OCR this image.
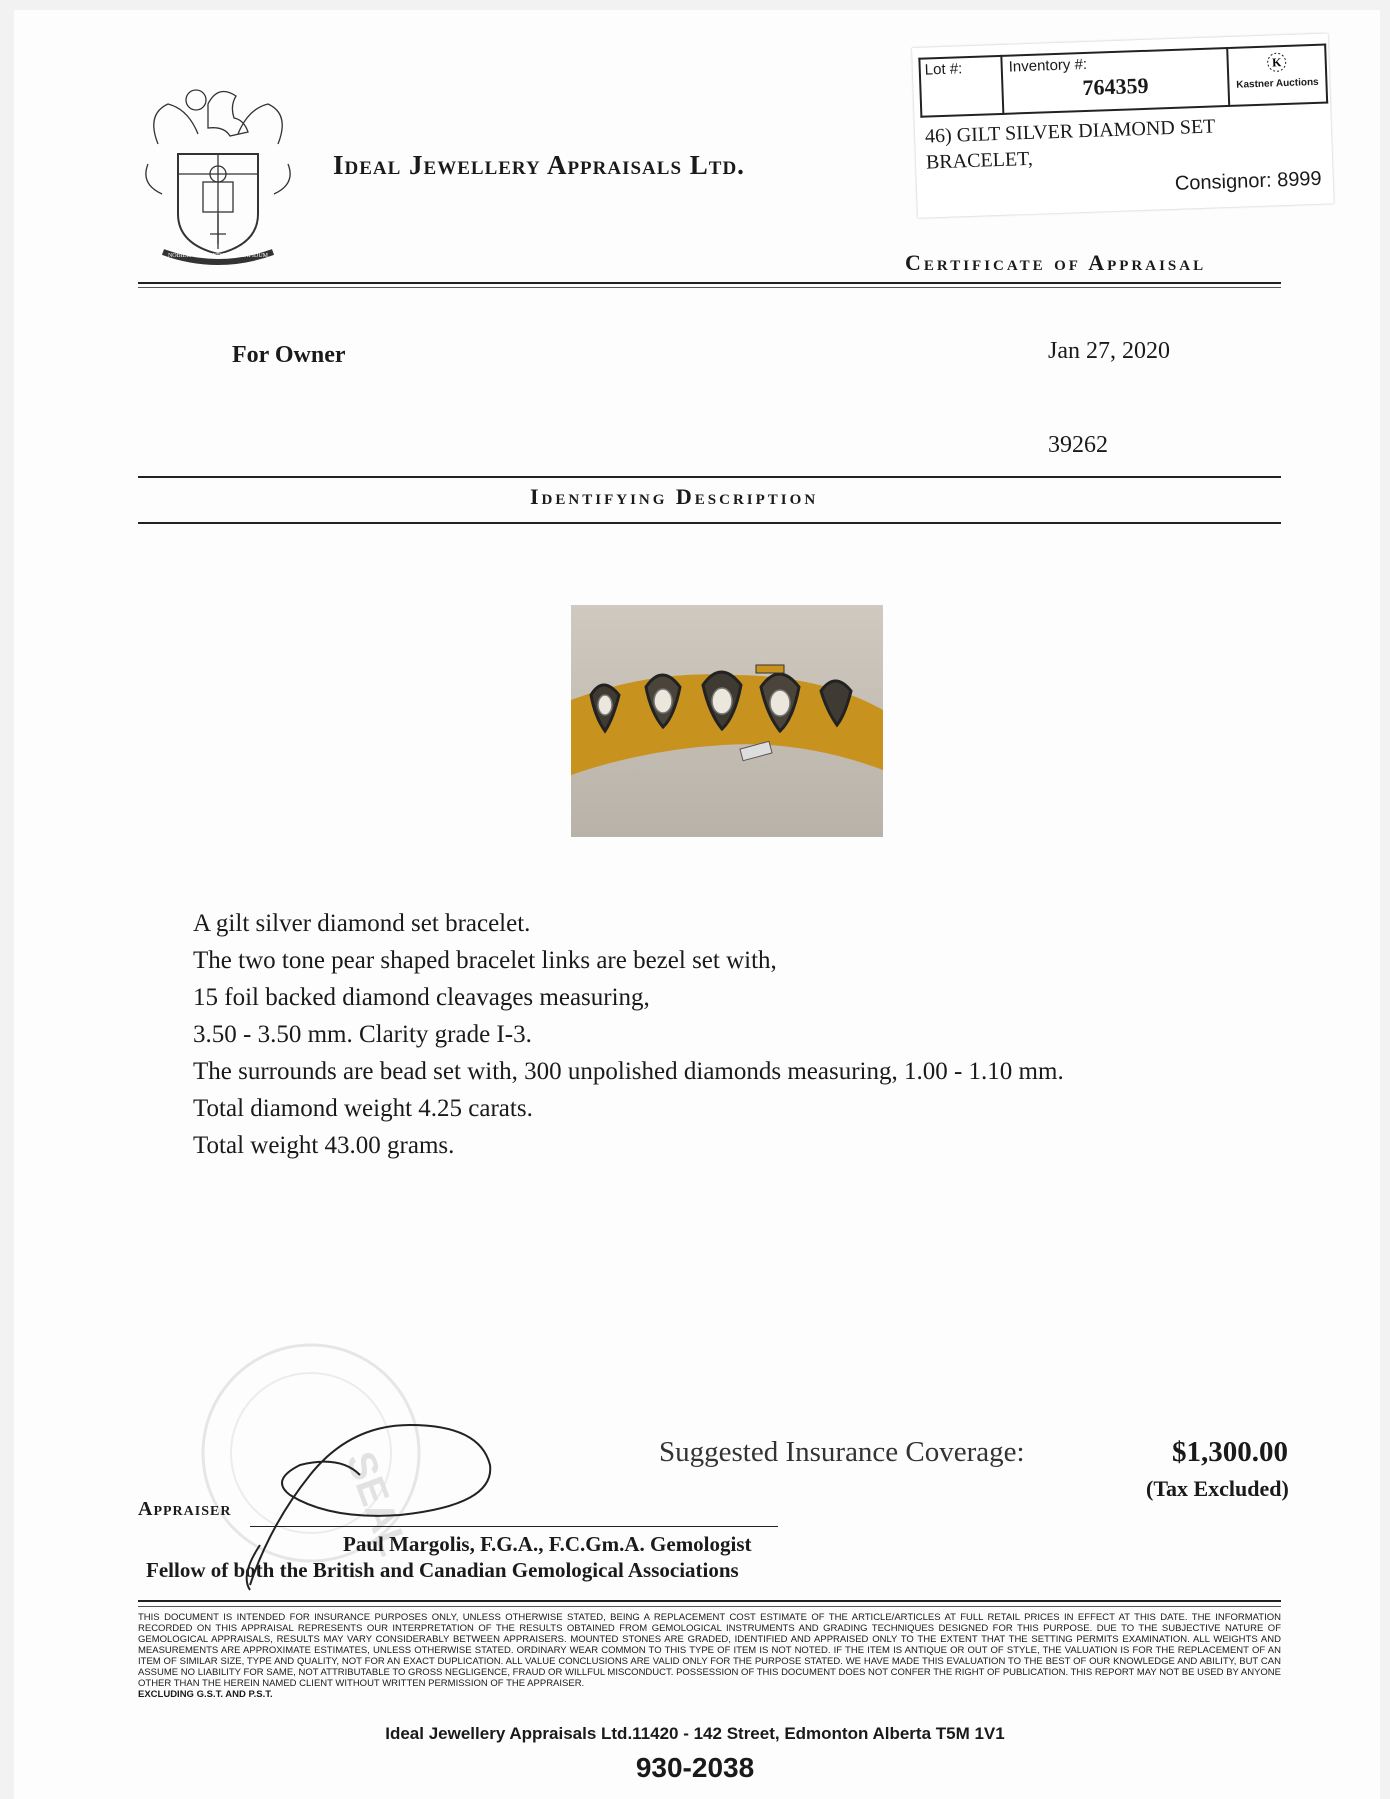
NOBILIS EST PRETIOSUM LAPIDUM
Ideal Jewellery Appraisals Ltd.
Lot #:	Inventory #:
764359

K
Kastner Auctions
46) GILT SILVER DIAMOND SET
BRACELET,
Consignor: 8999
Certificate of Appraisal
For Owner	Jan 27, 2020
39262
Identifying Description
A gilt silver diamond set bracelet.
The two tone pear shaped bracelet links are bezel set with,
15 foil backed diamond cleavages measuring,
3.50 - 3.50 mm. Clarity grade I-3.
The surrounds are bead set with, 300 unpolished diamonds measuring, 1.00 - 1.10 mm.
Total diamond weight 4.25 carats.
Total weight 43.00 grams.
SEAL	Suggested Insurance Coverage:	$1,300.00
(Tax Excluded)
Appraiser
Paul Margolis, F.G.A., F.C.Gm.A. Gemologist
Fellow of both the British and Canadian Gemological Associations
THIS DOCUMENT IS INTENDED FOR INSURANCE PURPOSES ONLY, UNLESS OTHERWISE STATED, BEING A REPLACEMENT COST ESTIMATE OF THE ARTICLE/ARTICLES AT FULL RETAIL PRICES IN EFFECT AT THIS DATE. THE INFORMATION RECORDED ON THIS APPRAISAL REPRESENTS OUR INTERPRETATION OF THE RESULTS OBTAINED FROM GEMOLOGICAL INSTRUMENTS AND GRADING TECHNIQUES DESIGNED FOR THIS PURPOSE. DUE TO THE SUBJECTIVE NATURE OF GEMOLOGICAL APPRAISALS, RESULTS MAY VARY CONSIDERABLY BETWEEN APPRAISERS. MOUNTED STONES ARE GRADED, IDENTIFIED AND APPRAISED ONLY TO THE EXTENT THAT THE SETTING PERMITS EXAMINATION. ALL WEIGHTS AND MEASUREMENTS ARE APPROXIMATE ESTIMATES, UNLESS OTHERWISE STATED. ORDINARY WEAR COMMON TO THIS TYPE OF ITEM IS NOT NOTED. IF THE ITEM IS ANTIQUE OR OUT OF STYLE, THE VALUATION IS FOR THE REPLACEMENT OF AN ITEM OF SIMILAR SIZE, TYPE AND QUALITY, NOT FOR AN EXACT DUPLICATION. ALL VALUE CONCLUSIONS ARE VALID ONLY FOR THE PURPOSE STATED. WE HAVE MADE THIS EVALUATION TO THE BEST OF OUR KNOWLEDGE AND ABILITY, BUT CAN ASSUME NO LIABILITY FOR SAME, NOT ATTRIBUTABLE TO GROSS NEGLIGENCE, FRAUD OR WILLFUL MISCONDUCT. POSSESSION OF THIS DOCUMENT DOES NOT CONFER THE RIGHT OF PUBLICATION. THIS REPORT MAY NOT BE USED BY ANYONE OTHER THAN THE HEREIN NAMED CLIENT WITHOUT WRITTEN PERMISSION OF THE APPRAISER.
EXCLUDING G.S.T. AND P.S.T.
Ideal Jewellery Appraisals Ltd.11420 - 142 Street, Edmonton Alberta T5M 1V1
930-2038
